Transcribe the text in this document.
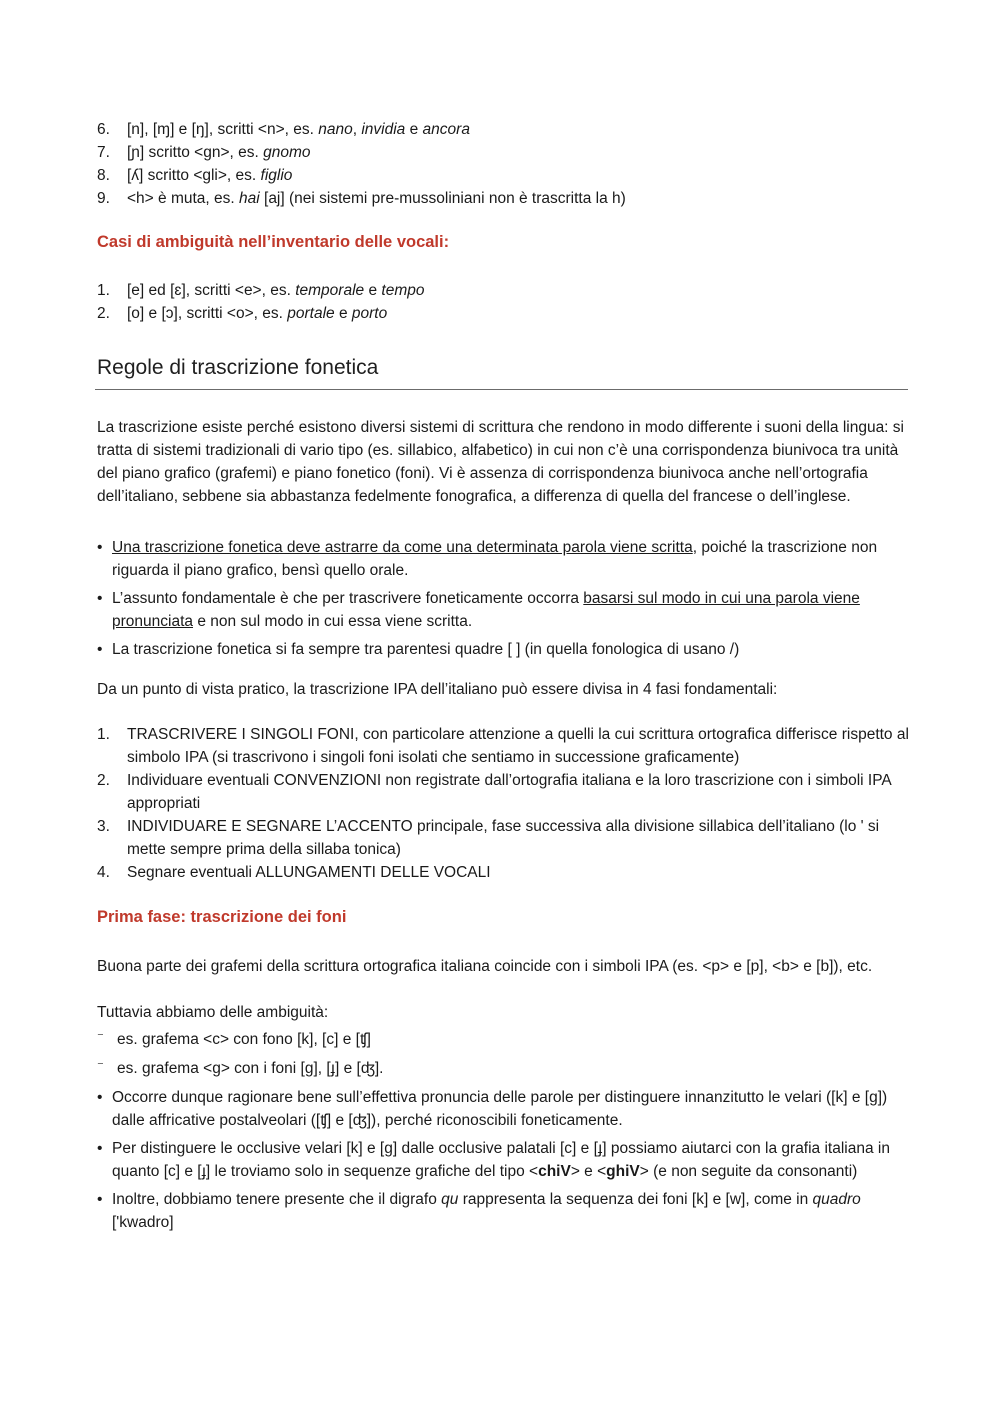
6. [n], [ɱ] e [ŋ], scritti <n>, es. nano, invidia e ancora
7. [ɲ] scritto <gn>, es. gnomo
8. [ʎ] scritto <gli>, es. figlio
9. <h> è muta, es. hai [aj] (nei sistemi pre-mussoliniani non è trascritta la h)
Casi di ambiguità nell’inventario delle vocali:
1. [e] ed [ɛ], scritti <e>, es. temporale e tempo
2. [o] e [ɔ], scritti <o>, es. portale e porto
Regole di trascrizione fonetica

La trascrizione esiste perché esistono diversi sistemi di scrittura che rendono in modo differente i suoni della lingua: si tratta di sistemi tradizionali di vario tipo (es. sillabico, alfabetico) in cui non c’è una corrispondenza biunivoca tra unità del piano grafico (grafemi) e piano fonetico (foni). Vi è assenza di corrispondenza biunivoca anche nell’ortografia dell’italiano, sebbene sia abbastanza fedelmente fonografica, a differenza di quella del francese o dell’inglese.

• Una trascrizione fonetica deve astrarre da come una determinata parola viene scritta, poiché la trascrizione non riguarda il piano grafico, bensì quello orale.
• L’assunto fondamentale è che per trascrivere foneticamente occorra basarsi sul modo in cui una parola viene pronunciata e non sul modo in cui essa viene scritta.
• La trascrizione fonetica si fa sempre tra parentesi quadre [ ] (in quella fonologica di usano /)

Da un punto di vista pratico, la trascrizione IPA dell’italiano può essere divisa in 4 fasi fondamentali:

1. TRASCRIVERE I SINGOLI FONI, con particolare attenzione a quelli la cui scrittura ortografica differisce rispetto al simbolo IPA (si trascrivono i singoli foni isolati che sentiamo in successione graficamente)
2. Individuare eventuali CONVENZIONI non registrate dall’ortografia italiana e la loro trascrizione con i simboli IPA appropriati
3. INDIVIDUARE E SEGNARE L’ACCENTO principale, fase successiva alla divisione sillabica dell’italiano (lo ' si mette sempre prima della sillaba tonica)
4. Segnare eventuali ALLUNGAMENTI DELLE VOCALI
Prima fase: trascrizione dei foni

Buona parte dei grafemi della scrittura ortografica italiana coincide con i simboli IPA (es. <p> e [p], <b> e [b]), etc.

Tuttavia abbiamo delle ambiguità:

⁻ es. grafema <c> con fono [k], [c] e [ʧ]
⁻ es. grafema <g> con i foni [g], [ɟ] e [ʤ].
• Occorre dunque ragionare bene sull’effettiva pronuncia delle parole per distinguere innanzitutto le velari ([k] e [g]) dalle affricative postalveolari ([ʧ] e [ʤ]), perché riconoscibili foneticamente.
• Per distinguere le occlusive velari [k] e [g] dalle occlusive palatali [c] e [ɟ] possiamo aiutarci con la grafia italiana in quanto [c] e [ɟ] le troviamo solo in sequenze grafiche del tipo <chiV> e <ghiV> (e non seguite da consonanti)
• Inoltre, dobbiamo tenere presente che il digrafo qu rappresenta la sequenza dei foni [k] e [w], come in quadro ['kwadro]
